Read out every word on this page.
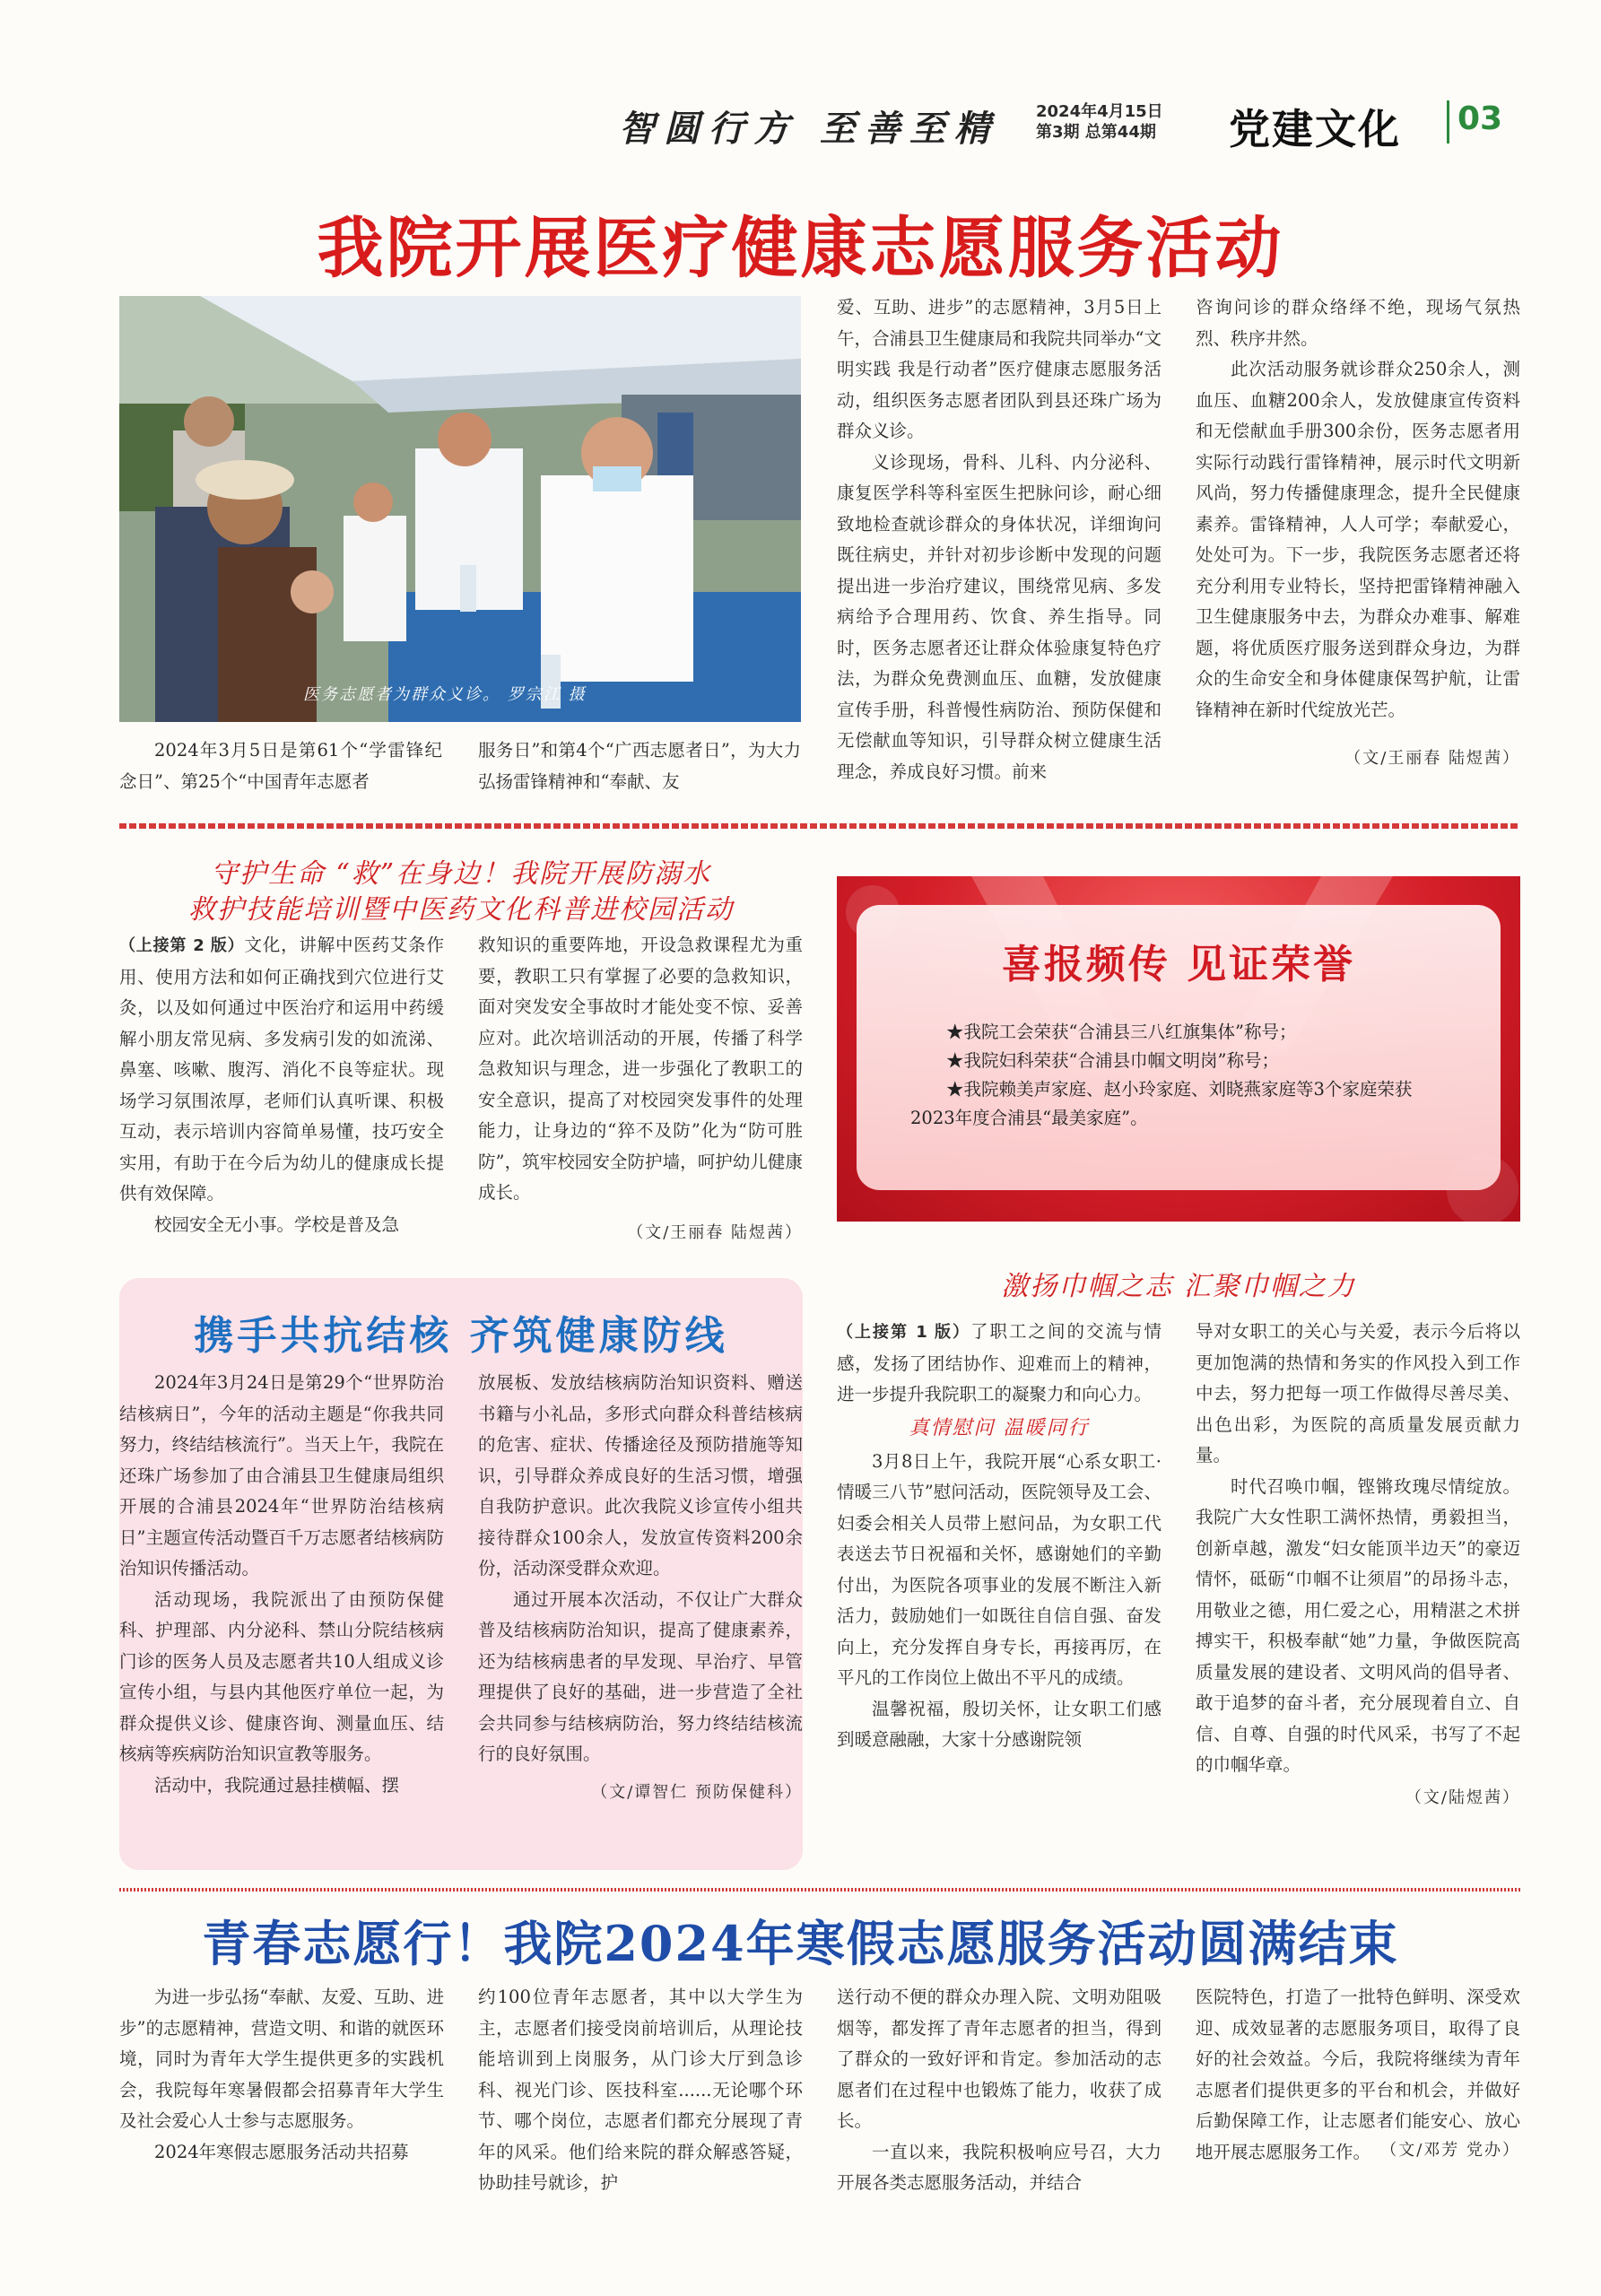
智圆行方 至善至精 2024年4月15日
第3期 总第44期 党建文化 03
我院开展医疗健康志愿服务活动
医务志愿者为群众义诊。 罗宗江 摄
2024年3月5日是第61个“学雷锋纪念日”、第25个“中国青年志愿者
服务日”和第4个“广西志愿者日”，为大力弘扬雷锋精神和“奉献、友
爱、互助、进步”的志愿精神，3月5日上午，合浦县卫生健康局和我院共同举办“文明实践 我是行动者”医疗健康志愿服务活动，组织医务志愿者团队到县还珠广场为群众义诊。
义诊现场，骨科、儿科、内分泌科、康复医学科等科室医生把脉问诊，耐心细致地检查就诊群众的身体状况，详细询问既往病史，并针对初步诊断中发现的问题提出进一步治疗建议，围绕常见病、多发病给予合理用药、饮食、养生指导。同时，医务志愿者还让群众体验康复特色疗法，为群众免费测血压、血糖，发放健康宣传手册，科普慢性病防治、预防保健和无偿献血等知识，引导群众树立健康生活理念，养成良好习惯。前来
咨询问诊的群众络绎不绝，现场气氛热烈、秩序井然。
此次活动服务就诊群众250余人，测血压、血糖200余人，发放健康宣传资料和无偿献血手册300余份，医务志愿者用实际行动践行雷锋精神，展示时代文明新风尚，努力传播健康理念，提升全民健康素养。雷锋精神，人人可学；奉献爱心，处处可为。下一步，我院医务志愿者还将充分利用专业特长，坚持把雷锋精神融入卫生健康服务中去，为群众办难事、解难题，将优质医疗服务送到群众身边，为群众的生命安全和身体健康保驾护航，让雷锋精神在新时代绽放光芒。
（文/王丽春 陆煜茜）
守护生命 “救”在身边！我院开展防溺水
救护技能培训暨中医药文化科普进校园活动
（上接第 2 版）文化，讲解中医药艾条作用、使用方法和如何正确找到穴位进行艾灸，以及如何通过中医治疗和运用中药缓解小朋友常见病、多发病引发的如流涕、鼻塞、咳嗽、腹泻、消化不良等症状。现场学习氛围浓厚，老师们认真听课、积极互动，表示培训内容简单易懂，技巧安全实用，有助于在今后为幼儿的健康成长提供有效保障。
校园安全无小事。学校是普及急
救知识的重要阵地，开设急救课程尤为重要，教职工只有掌握了必要的急救知识，面对突发安全事故时才能处变不惊、妥善应对。此次培训活动的开展，传播了科学急救知识与理念，进一步强化了教职工的安全意识，提高了对校园突发事件的处理能力，让身边的“猝不及防”化为“防可胜防”，筑牢校园安全防护墙，呵护幼儿健康成长。
（文/王丽春 陆煜茜）
喜报频传 见证荣誉
★我院工会荣获“合浦县三八红旗集体”称号；
★我院妇科荣获“合浦县巾帼文明岗”称号；
★我院赖美声家庭、赵小玲家庭、刘晓燕家庭等3个家庭荣获
2023年度合浦县“最美家庭”。
携手共抗结核 齐筑健康防线
2024年3月24日是第29个“世界防治结核病日”，今年的活动主题是“你我共同努力，终结结核流行”。当天上午，我院在还珠广场参加了由合浦县卫生健康局组织开展的合浦县2024年“世界防治结核病日”主题宣传活动暨百千万志愿者结核病防治知识传播活动。
活动现场，我院派出了由预防保健科、护理部、内分泌科、禁山分院结核病门诊的医务人员及志愿者共10人组成义诊宣传小组，与县内其他医疗单位一起，为群众提供义诊、健康咨询、测量血压、结核病等疾病防治知识宣教等服务。
活动中，我院通过悬挂横幅、摆
放展板、发放结核病防治知识资料、赠送书籍与小礼品，多形式向群众科普结核病的危害、症状、传播途径及预防措施等知识，引导群众养成良好的生活习惯，增强自我防护意识。此次我院义诊宣传小组共接待群众100余人，发放宣传资料200余份，活动深受群众欢迎。
通过开展本次活动，不仅让广大群众普及结核病防治知识，提高了健康素养，还为结核病患者的早发现、早治疗、早管理提供了良好的基础，进一步营造了全社会共同参与结核病防治，努力终结结核流行的良好氛围。
（文/谭智仁 预防保健科）
激扬巾帼之志 汇聚巾帼之力
（上接第 1 版）了职工之间的交流与情感，发扬了团结协作、迎难而上的精神，进一步提升我院职工的凝聚力和向心力。
真情慰问 温暖同行
3月8日上午，我院开展“心系女职工·情暖三八节”慰问活动，医院领导及工会、妇委会相关人员带上慰问品，为女职工代表送去节日祝福和关怀，感谢她们的辛勤付出，为医院各项事业的发展不断注入新活力，鼓励她们一如既往自信自强、奋发向上，充分发挥自身专长，再接再厉，在平凡的工作岗位上做出不平凡的成绩。
温馨祝福，殷切关怀，让女职工们感到暖意融融，大家十分感谢院领
导对女职工的关心与关爱，表示今后将以更加饱满的热情和务实的作风投入到工作中去，努力把每一项工作做得尽善尽美、出色出彩，为医院的高质量发展贡献力量。
时代召唤巾帼，铿锵玫瑰尽情绽放。我院广大女性职工满怀热情，勇毅担当，创新卓越，激发“妇女能顶半边天”的豪迈情怀，砥砺“巾帼不让须眉”的昂扬斗志，用敬业之德，用仁爱之心，用精湛之术拼搏实干，积极奉献“她”力量，争做医院高质量发展的建设者、文明风尚的倡导者、敢于追梦的奋斗者，充分展现着自立、自信、自尊、自强的时代风采，书写了不起的巾帼华章。
（文/陆煜茜）
青春志愿行！我院2024年寒假志愿服务活动圆满结束
为进一步弘扬“奉献、友爱、互助、进步”的志愿精神，营造文明、和谐的就医环境，同时为青年大学生提供更多的实践机会，我院每年寒暑假都会招募青年大学生及社会爱心人士参与志愿服务。
2024年寒假志愿服务活动共招募
约100位青年志愿者，其中以大学生为主，志愿者们接受岗前培训后，从理论技能培训到上岗服务，从门诊大厅到急诊科、视光门诊、医技科室......无论哪个环节、哪个岗位，志愿者们都充分展现了青年的风采。他们给来院的群众解惑答疑，协助挂号就诊，护
送行动不便的群众办理入院、文明劝阻吸烟等，都发挥了青年志愿者的担当，得到了群众的一致好评和肯定。参加活动的志愿者们在过程中也锻炼了能力，收获了成长。
一直以来，我院积极响应号召，大力开展各类志愿服务活动，并结合
医院特色，打造了一批特色鲜明、深受欢迎、成效显著的志愿服务项目，取得了良好的社会效益。今后，我院将继续为青年志愿者们提供更多的平台和机会，并做好后勤保障工作，让志愿者们能安心、放心地开展志愿服务工作。 （文/邓芳 党办）
